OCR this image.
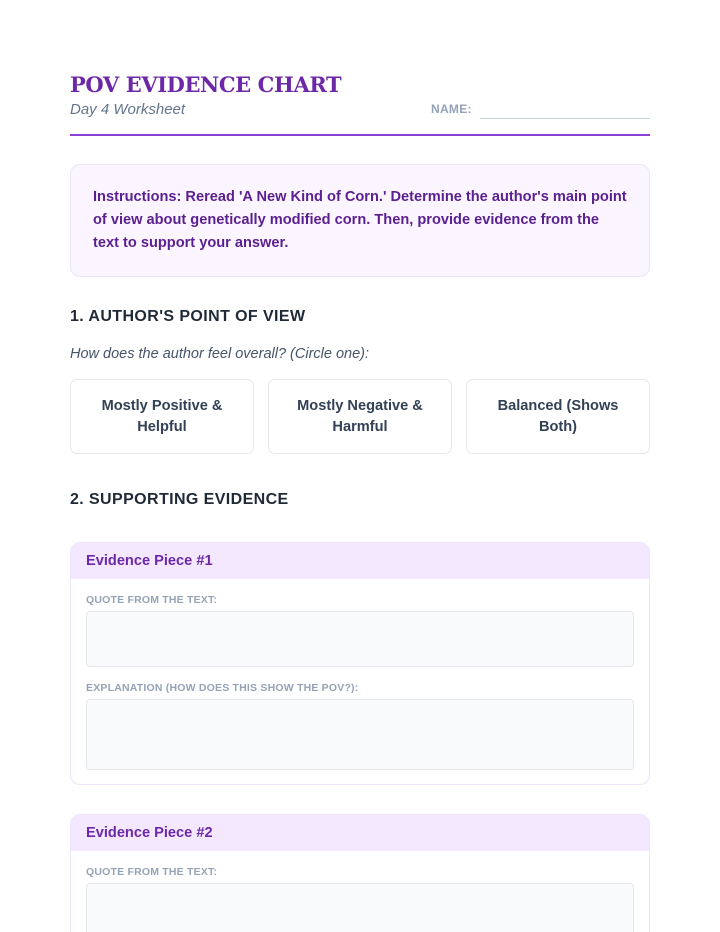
POV EVIDENCE CHART
Day 4 Worksheet	NAME:
Instructions: Reread 'A New Kind of Corn.' Determine the author's main point of view about genetically modified corn. Then, provide evidence from the text to support your answer.
1. AUTHOR'S POINT OF VIEW
How does the author feel overall? (Circle one):
Mostly Positive & Helpful
Mostly Negative & Harmful
Balanced (Shows Both)
2. SUPPORTING EVIDENCE
Evidence Piece #1
QUOTE FROM THE TEXT:
EXPLANATION (HOW DOES THIS SHOW THE POV?):
Evidence Piece #2
QUOTE FROM THE TEXT:
